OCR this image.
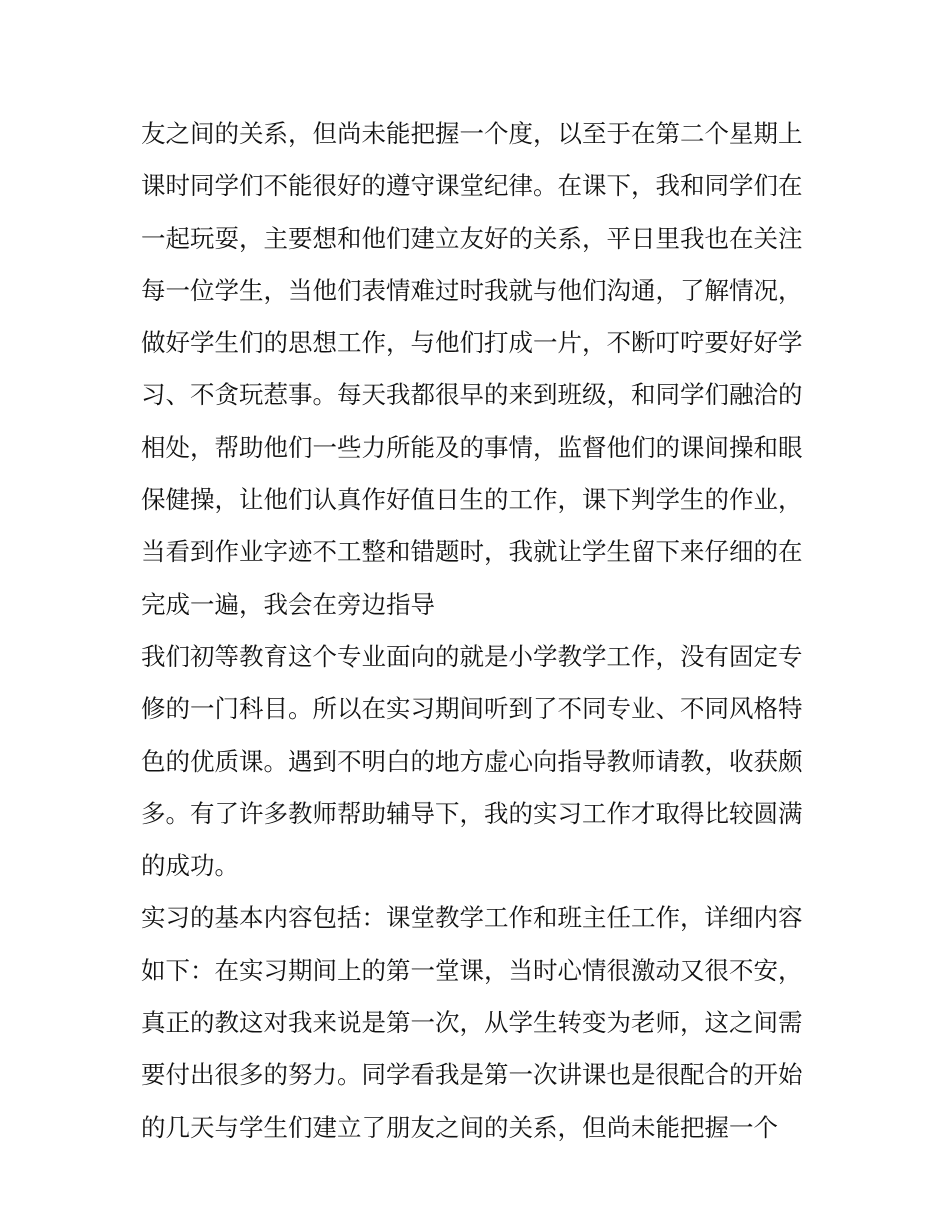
友之间的关系，但尚未能把握一个度，以至于在第二个星期上
课时同学们不能很好的遵守课堂纪律。在课下，我和同学们在
一起玩耍，主要想和他们建立友好的关系，平日里我也在关注
每一位学生，当他们表情难过时我就与他们沟通，了解情况，
做好学生们的思想工作，与他们打成一片，不断叮咛要好好学
习、不贪玩惹事。每天我都很早的来到班级，和同学们融洽的
相处，帮助他们一些力所能及的事情，监督他们的课间操和眼
保健操，让他们认真作好值日生的工作，课下判学生的作业，
当看到作业字迹不工整和错题时，我就让学生留下来仔细的在
完成一遍，我会在旁边指导
我们初等教育这个专业面向的就是小学教学工作，没有固定专
修的一门科目。所以在实习期间听到了不同专业、不同风格特
色的优质课。遇到不明白的地方虚心向指导教师请教，收获颇
多。有了许多教师帮助辅导下，我的实习工作才取得比较圆满
的成功。
实习的基本内容包括：课堂教学工作和班主任工作，详细内容
如下：在实习期间上的第一堂课，当时心情很激动又很不安，
真正的教这对我来说是第一次，从学生转变为老师，这之间需
要付出很多的努力。同学看我是第一次讲课也是很配合的开始
的几天与学生们建立了朋友之间的关系，但尚未能把握一个
